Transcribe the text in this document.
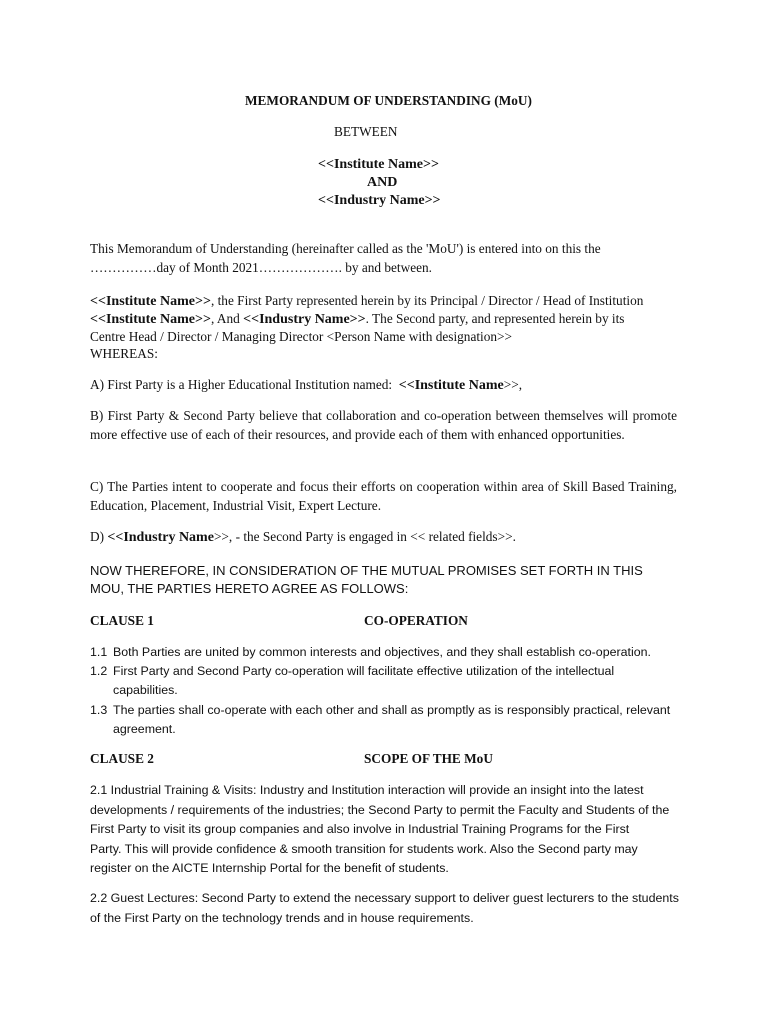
MEMORANDUM OF UNDERSTANDING (MoU)
BETWEEN
<<Institute Name>>
AND
<<Industry Name>>
This Memorandum of Understanding (hereinafter called as the 'MoU') is entered into on this the
……………day of Month 2021………………. by and between.
<<Institute Name>>, the First Party represented herein by its Principal / Director / Head of Institution
<<Institute Name>>, And <<Industry Name>>. The Second party, and represented herein by its
Centre Head / Director / Managing Director <Person Name with designation>>
WHEREAS:
A) First Party is a Higher Educational Institution named:  <<Institute Name>>,
B) First Party & Second Party believe that collaboration and co-operation between themselves will promote more effective use of each of their resources, and provide each of them with enhanced opportunities.
C) The Parties intent to cooperate and focus their efforts on cooperation within area of Skill Based Training, Education, Placement, Industrial Visit, Expert Lecture.
D) <<Industry Name>>, - the Second Party is engaged in << related fields>>.
NOW THEREFORE, IN CONSIDERATION OF THE MUTUAL PROMISES SET FORTH IN THIS
MOU, THE PARTIES HERETO AGREE AS FOLLOWS:
CLAUSE 1	CO-OPERATION
1.1 Both Parties are united by common interests and objectives, and they shall establish co-operation.
1.2 First Party and Second Party co-operation will facilitate effective utilization of the intellectual
capabilities.
1.3 The parties shall co-operate with each other and shall as promptly as is responsibly practical, relevant
agreement.
CLAUSE 2	SCOPE OF THE MoU
2.1 Industrial Training & Visits: Industry and Institution interaction will provide an insight into the latest
developments / requirements of the industries; the Second Party to permit the Faculty and Students of the
First Party to visit its group companies and also involve in Industrial Training Programs for the First
Party. This will provide confidence & smooth transition for students work. Also the Second party may
register on the AICTE Internship Portal for the benefit of students.
2.2 Guest Lectures: Second Party to extend the necessary support to deliver guest lecturers to the students
of the First Party on the technology trends and in house requirements.
